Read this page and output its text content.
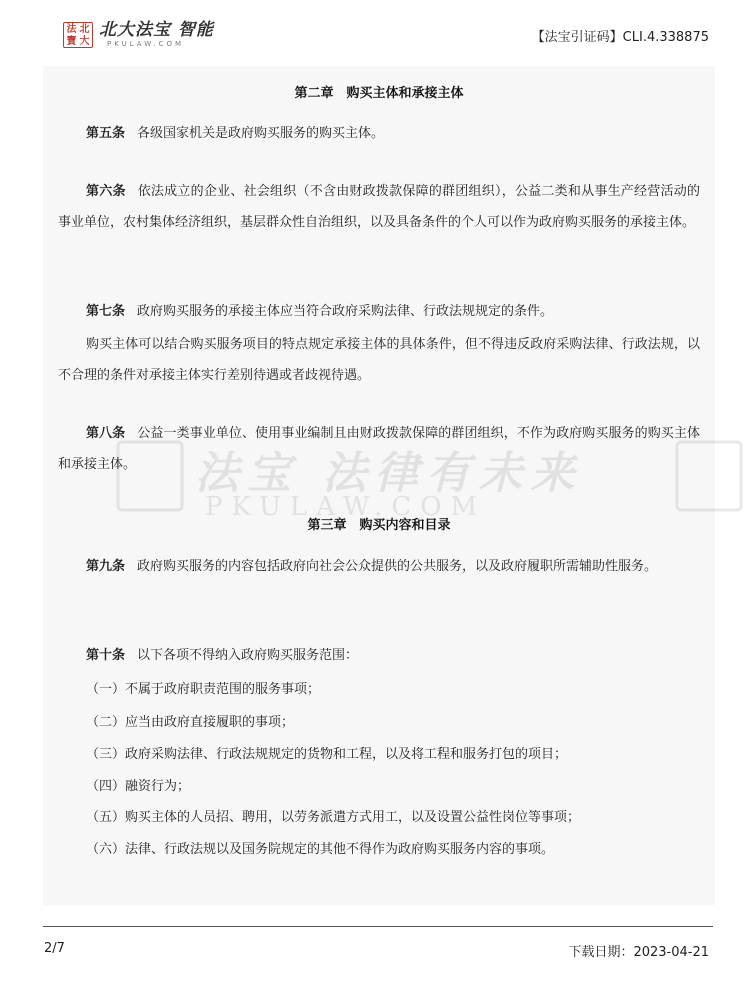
法 北
寶 大
北大法宝 智能
PKULAW.COM	【法宝引证码】CLI.4.338875
第二章　购买主体和承接主体
第五条 各级国家机关是政府购买服务的购买主体。
第六条 依法成立的企业、社会组织（不含由财政拨款保障的群团组织），公益二类和从事生产经营活动的事业单位，农村集体经济组织，基层群众性自治组织，以及具备条件的个人可以作为政府购买服务的承接主体。
第七条 政府购买服务的承接主体应当符合政府采购法律、行政法规规定的条件。
购买主体可以结合购买服务项目的特点规定承接主体的具体条件，但不得违反政府采购法律、行政法规，以不合理的条件对承接主体实行差别待遇或者歧视待遇。
第八条 公益一类事业单位、使用事业编制且由财政拨款保障的群团组织，不作为政府购买服务的购买主体和承接主体。
第三章　购买内容和目录
第九条 政府购买服务的内容包括政府向社会公众提供的公共服务，以及政府履职所需辅助性服务。
第十条 以下各项不得纳入政府购买服务范围：
（一）不属于政府职责范围的服务事项；
（二）应当由政府直接履职的事项；
（三）政府采购法律、行政法规规定的货物和工程，以及将工程和服务打包的项目；
（四）融资行为；
（五）购买主体的人员招、聘用，以劳务派遣方式用工，以及设置公益性岗位等事项；
（六）法律、行政法规以及国务院规定的其他不得作为政府购买服务内容的事项。
2/7	下载日期：2023-04-21
